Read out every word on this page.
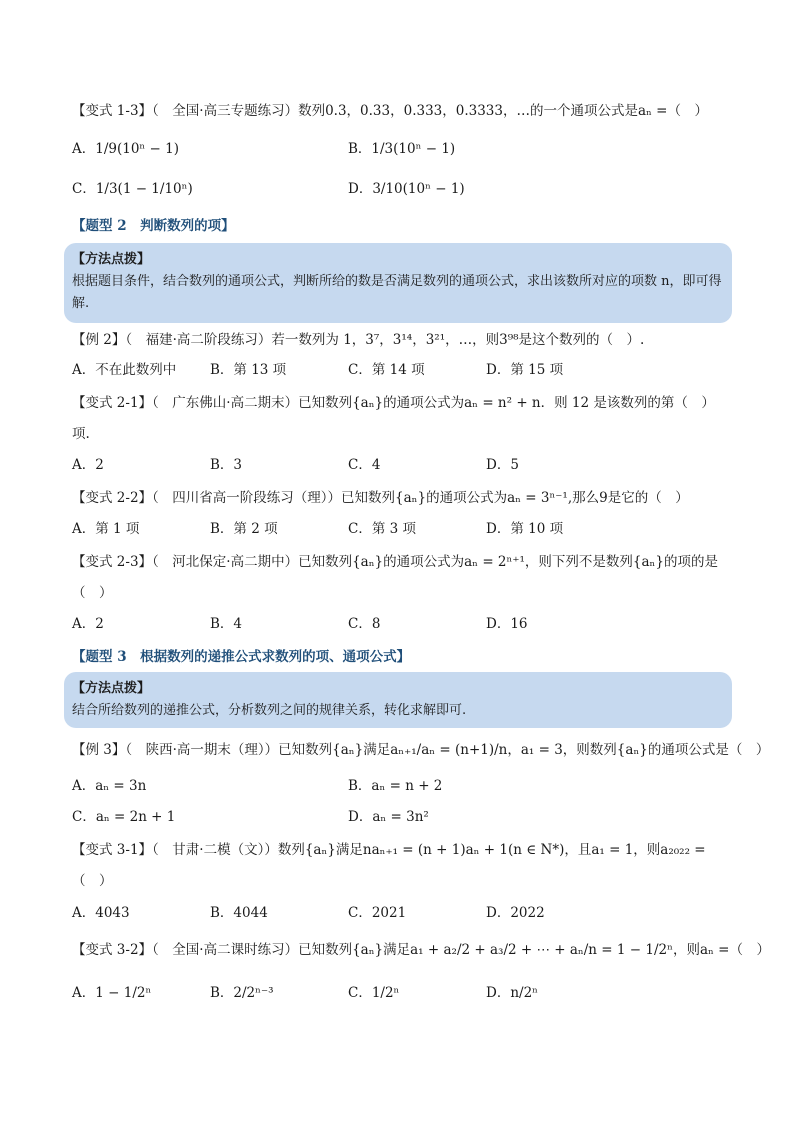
【变式 1-3】（　全国·高三专题练习）数列0.3，0.33，0.333，0.3333，…的一个通项公式是aₙ =（　）
A．1/9(10ⁿ − 1)	B．1/3(10ⁿ − 1)
C．1/3(1 − 1/10ⁿ)	D．3/10(10ⁿ − 1)
【题型 2　判断数列的项】
【方法点拨】
根据题目条件，结合数列的通项公式，判断所给的数是否满足数列的通项公式，求出该数所对应的项数 n，即可得解.
【例 2】（　福建·高二阶段练习）若一数列为 1，3⁷，3¹⁴，3²¹，…，则3⁹⁸是这个数列的（　）.
A．不在此数列中	B．第 13 项	C．第 14 项	D．第 15 项
【变式 2-1】（　广东佛山·高二期末）已知数列{aₙ}的通项公式为aₙ = n² + n．则 12 是该数列的第（　）
项.
A．2	B．3	C．4	D．5
【变式 2-2】（　四川省高一阶段练习（理））已知数列{aₙ}的通项公式为aₙ = 3ⁿ⁻¹,那么9是它的（　）
A．第 1 项	B．第 2 项	C．第 3 项	D．第 10 项
【变式 2-3】（　河北保定·高二期中）已知数列{aₙ}的通项公式为aₙ = 2ⁿ⁺¹，则下列不是数列{aₙ}的项的是
（　）
A．2	B．4	C．8	D．16
【题型 3　根据数列的递推公式求数列的项、通项公式】
【方法点拨】
结合所给数列的递推公式，分析数列之间的规律关系，转化求解即可.
【例 3】（　陕西·高一期末（理））已知数列{aₙ}满足aₙ₊₁/aₙ = (n+1)/n，a₁ = 3，则数列{aₙ}的通项公式是（　）
A．aₙ = 3n	B．aₙ = n + 2
C．aₙ = 2n + 1	D．aₙ = 3n²
【变式 3-1】（　甘肃·二模（文））数列{aₙ}满足naₙ₊₁ = (n + 1)aₙ + 1(n ∈ N*)，且a₁ = 1，则a₂₀₂₂ =
（　）
A．4043	B．4044	C．2021	D．2022
【变式 3-2】（　全国·高二课时练习）已知数列{aₙ}满足a₁ + a₂/2 + a₃/2 + ⋯ + aₙ/n = 1 − 1/2ⁿ，则aₙ =（　）
A．1 − 1/2ⁿ	B．2/2ⁿ⁻³	C．1/2ⁿ	D．n/2ⁿ
